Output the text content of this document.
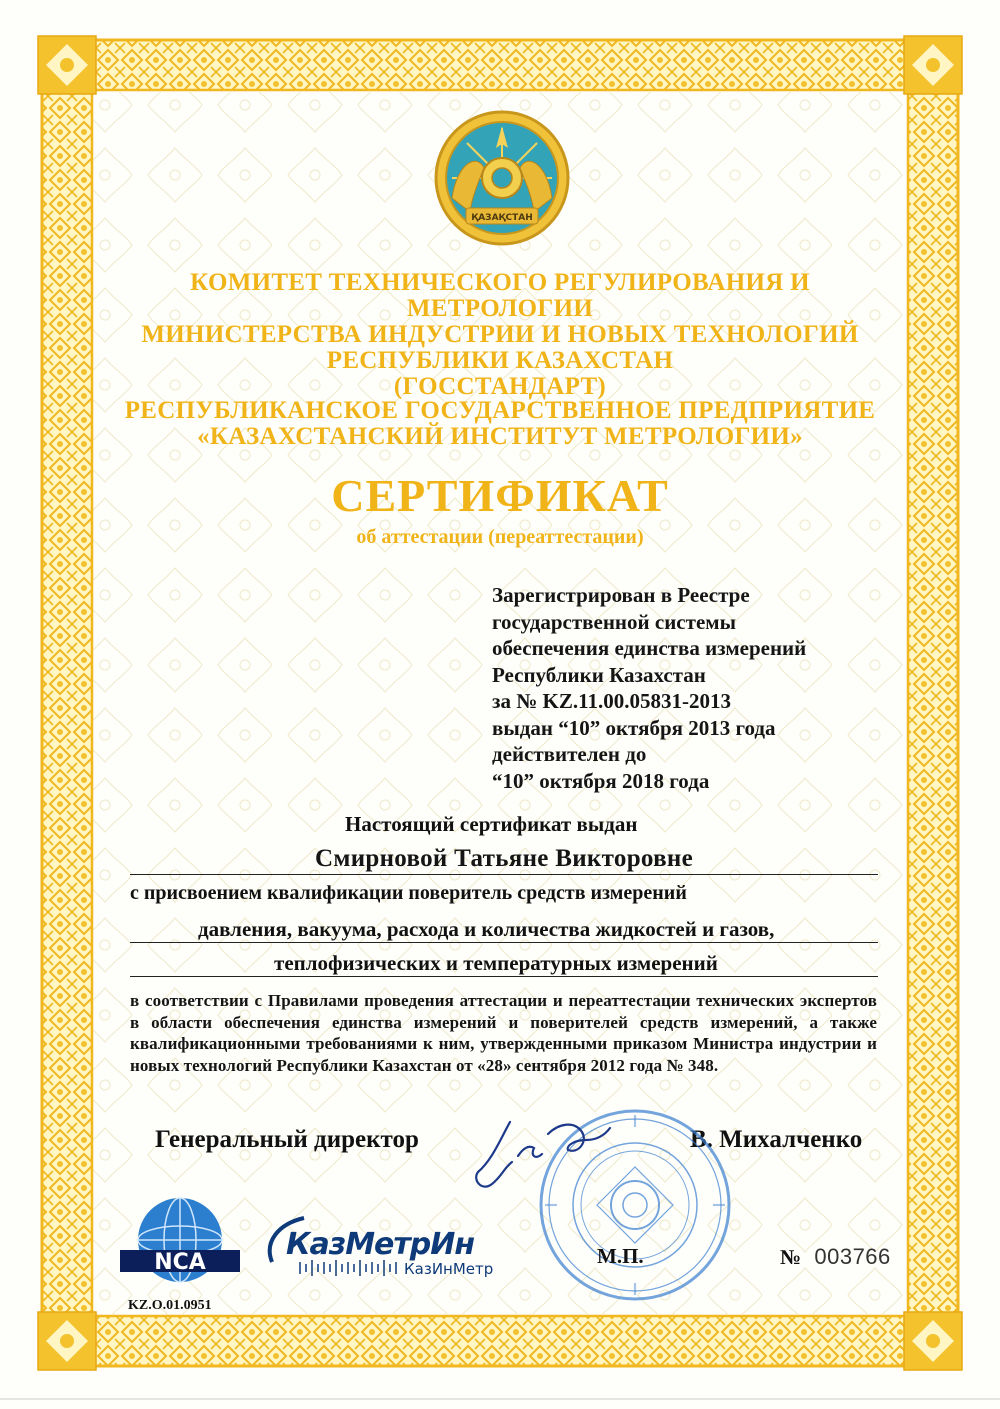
ҚАЗАҚСТАН
КОМИТЕТ ТЕХНИЧЕСКОГО РЕГУЛИРОВАНИЯ И МЕТРОЛОГИИ
МИНИСТЕРСТВА ИНДУСТРИИ И НОВЫХ ТЕХНОЛОГИЙ
РЕСПУБЛИКИ КАЗАХСТАН
(ГОССТАНДАРТ)
РЕСПУБЛИКАНСКОЕ ГОСУДАРСТВЕННОЕ ПРЕДПРИЯТИЕ
«КАЗАХСТАНСКИЙ ИНСТИТУТ МЕТРОЛОГИИ»
СЕРТИФИКАТ
об аттестации (переаттестации)
Зарегистрирован в Реестре
государственной системы
обеспечения единства измерений
Республики Казахстан
за № KZ.11.00.05831-2013
выдан “10” октября 2013 года
действителен до
“10” октября 2018 года
Настоящий сертификат выдан
Смирновой Татьяне Викторовне
с присвоением квалификации поверитель средств измерений
давления, вакуума, расхода и количества жидкостей и газов,
теплофизических и температурных измерений
в соответствии с Правилами проведения аттестации и переаттестации технических экспертов в области обеспечения единства измерений и поверителей средств измерений, а также квалификационными требованиями к ним, утвержденными приказом Министра индустрии и новых технологий Республики Казахстан от «28» сентября 2012 года № 348.
Генеральный директор	В. Михалченко
NCA
KZ.O.01.0951
КазМетрИн
КазИнМетр
М.П.	№ 003766
